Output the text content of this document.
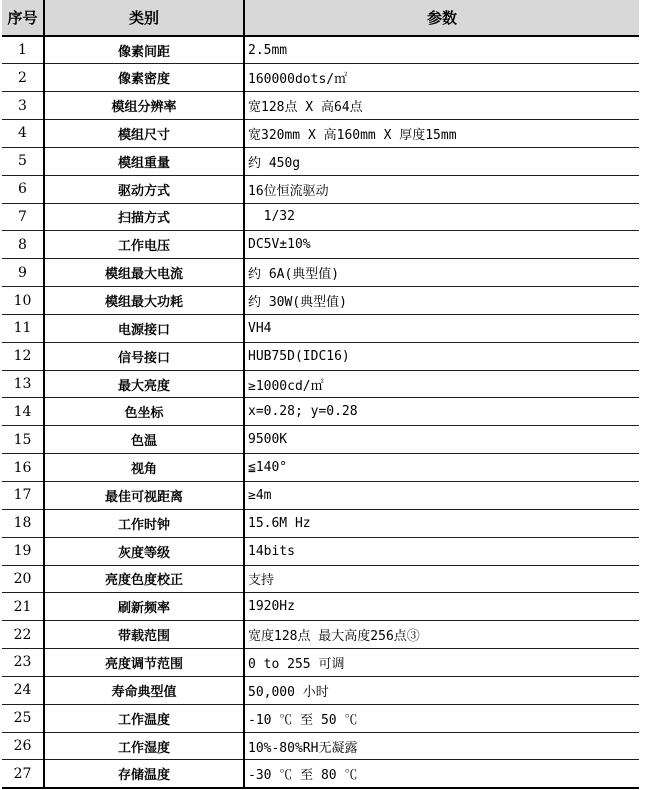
序号	类别	参数
1	像素间距	2.5mm
2	像素密度	160000dots/㎡
3	模组分辨率	宽128点 X 高64点
4	模组尺寸	宽320mm X 高160mm X 厚度15mm
5	模组重量	约 450g
6	驱动方式	16位恒流驱动
7	扫描方式	1/32
8	工作电压	DC5V±10%
9	模组最大电流	约 6A(典型值)
10	模组最大功耗	约 30W(典型值)
11	电源接口	VH4
12	信号接口	HUB75D(IDC16)
13	最大亮度	≥1000cd/㎡
14	色坐标	x=0.28; y=0.28
15	色温	9500K
16	视角	≦140°
17	最佳可视距离	≥4m
18	工作时钟	15.6M Hz
19	灰度等级	14bits
20	亮度色度校正	支持
21	刷新频率	1920Hz
22	带载范围	宽度128点 最大高度256点③
23	亮度调节范围	0 to 255 可调
24	寿命典型值	50,000 小时
25	工作温度	-10 ℃ 至 50 ℃
26	工作湿度	10%-80%RH无凝露
27	存储温度	-30 ℃ 至 80 ℃
